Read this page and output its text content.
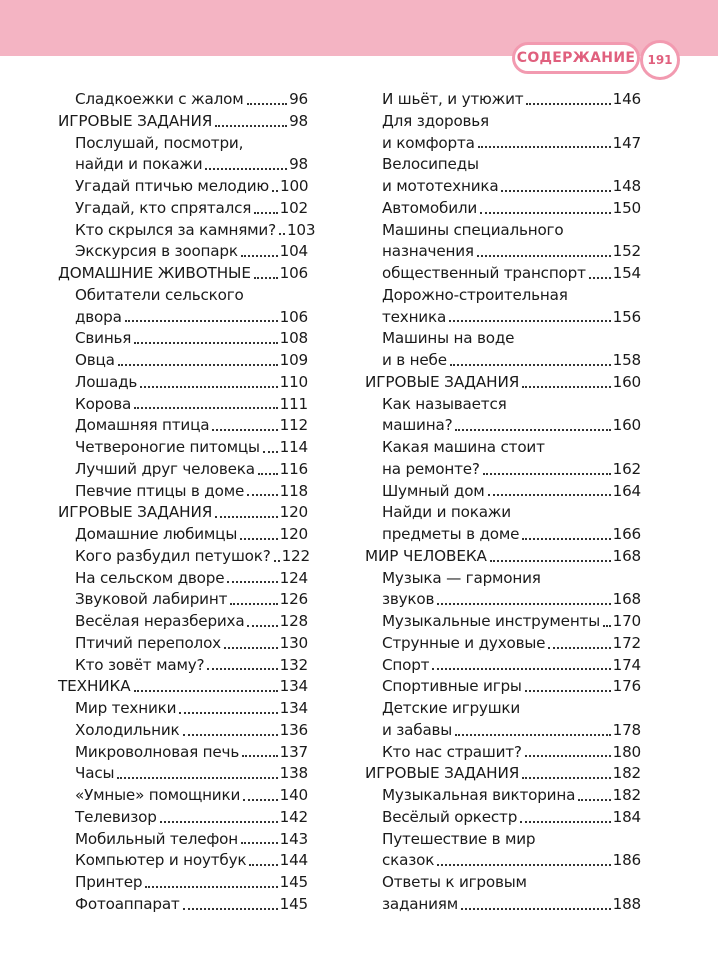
СОДЕРЖАНИЕ 191
Сладкоежки с жалом	96
ИГРОВЫЕ ЗАДАНИЯ	98
Послушай, посмотри,
найди и покажи	98
Угадай птичью мелодию 100
Угадай, кто спрятался 102
Кто скрылся за камнями? 103
Экскурсия в зоопарк	104
ДОМАШНИЕ ЖИВОТНЫЕ 106
Обитатели сельского
двора	106
Свинья	108
Овца	109
Лошадь	110
Корова	111
Домашняя птица	112
Четвероногие питомцы 114
Лучший друг человека 116
Певчие птицы в доме 118
ИГРОВЫЕ ЗАДАНИЯ	120
Домашние любимцы	120
Кого разбудил петушок? 122
На сельском дворе	124
Звуковой лабиринт	126
Весёлая неразбериха 128
Птичий переполох	130
Кто зовёт маму?	132
ТЕХНИКА	134
Мир техники	134
Холодильник	136
Микроволновая печь	137
Часы	138
«Умные» помощники	140
Телевизор	142
Мобильный телефон	143
Компьютер и ноутбук 144
Принтер	145
Фотоаппарат	145
И шьёт, и утюжит	146
Для здоровья
и комфорта	147
Велосипеды
и мототехника	148
Автомобили	150
Машины специального
назначения	152
общественный транспорт 154
Дорожно-строительная
техника	156
Машины на воде
и в небе	158
ИГРОВЫЕ ЗАДАНИЯ	160
Как называется
машина?	160
Какая машина стоит
на ремонте?	162
Шумный дом	164
Найди и покажи
предметы в доме	166
МИР ЧЕЛОВЕКА	168
Музыка — гармония
звуков	168
Музыкальные инструменты 170
Струнные и духовые	172
Спорт	174
Спортивные игры	176
Детские игрушки
и забавы	178
Кто нас страшит?	180
ИГРОВЫЕ ЗАДАНИЯ	182
Музыкальная викторина 182
Весёлый оркестр	184
Путешествие в мир
сказок	186
Ответы к игровым
заданиям	188
